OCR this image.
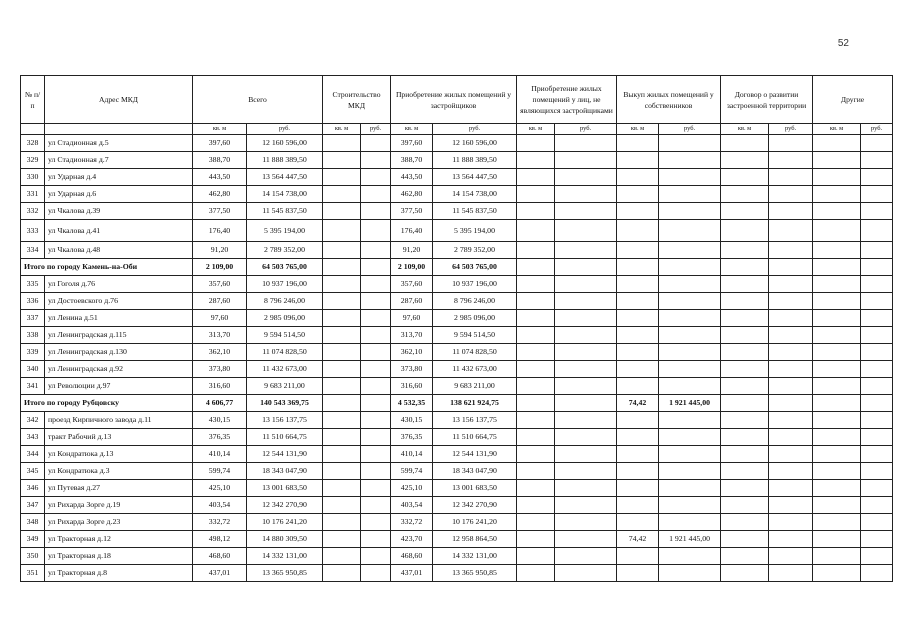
52
№ п/п	Адрес МКД	Всего		Строительство МКД		Приобретение жилых помещений у застройщиков		Приобретение жилых помещений у лиц, не являющихся застройщиками		Выкуп жилых помещений у собственников		Договор о развитии застроенной территории		Другие	
		кв. м	руб.	кв. м	руб.	кв. м	руб.	кв. м	руб.	кв. м	руб.	кв. м	руб.	кв. м	руб.
328	ул Стадионная д.5	397,60	12 160 596,00			397,60	12 160 596,00								
329	ул Стадионная д.7	388,70	11 888 389,50			388,70	11 888 389,50								
330	ул Ударная д.4	443,50	13 564 447,50			443,50	13 564 447,50								
331	ул Ударная д.6	462,80	14 154 738,00			462,80	14 154 738,00								
332	ул Чкалова д.39	377,50	11 545 837,50			377,50	11 545 837,50								
333	ул Чкалова д.41	176,40	5 395 194,00			176,40	5 395 194,00								
334	ул Чкалова д.48	91,20	2 789 352,00			91,20	2 789 352,00								
Итого по городу Камень-на-Оби		2 109,00	64 503 765,00			2 109,00	64 503 765,00								
335	ул Гоголя д.76	357,60	10 937 196,00			357,60	10 937 196,00								
336	ул Достоевского д.76	287,60	8 796 246,00			287,60	8 796 246,00								
337	ул Ленина д.51	97,60	2 985 096,00			97,60	2 985 096,00								
338	ул Ленинградская д.115	313,70	9 594 514,50			313,70	9 594 514,50								
339	ул Ленинградская д.130	362,10	11 074 828,50			362,10	11 074 828,50								
340	ул Ленинградская д.92	373,80	11 432 673,00			373,80	11 432 673,00								
341	ул Революции д.97	316,60	9 683 211,00			316,60	9 683 211,00								
Итого по городу Рубцовску		4 606,77	140 543 369,75			4 532,35	138 621 924,75			74,42	1 921 445,00				
342	проезд Кирпичного завода д.11	430,15	13 156 137,75			430,15	13 156 137,75								
343	тракт Рабочий д.13	376,35	11 510 664,75			376,35	11 510 664,75								
344	ул Кондратюка д.13	410,14	12 544 131,90			410,14	12 544 131,90								
345	ул Кондратюка д.3	599,74	18 343 047,90			599,74	18 343 047,90								
346	ул Путевая д.27	425,10	13 001 683,50			425,10	13 001 683,50								
347	ул Рихарда Зорге д.19	403,54	12 342 270,90			403,54	12 342 270,90								
348	ул Рихарда Зорге д.23	332,72	10 176 241,20			332,72	10 176 241,20								
349	ул Тракторная д.12	498,12	14 880 309,50			423,70	12 958 864,50			74,42	1 921 445,00				
350	ул Тракторная д.18	468,60	14 332 131,00			468,60	14 332 131,00								
351	ул Тракторная д.8	437,01	13 365 950,85			437,01	13 365 950,85								
